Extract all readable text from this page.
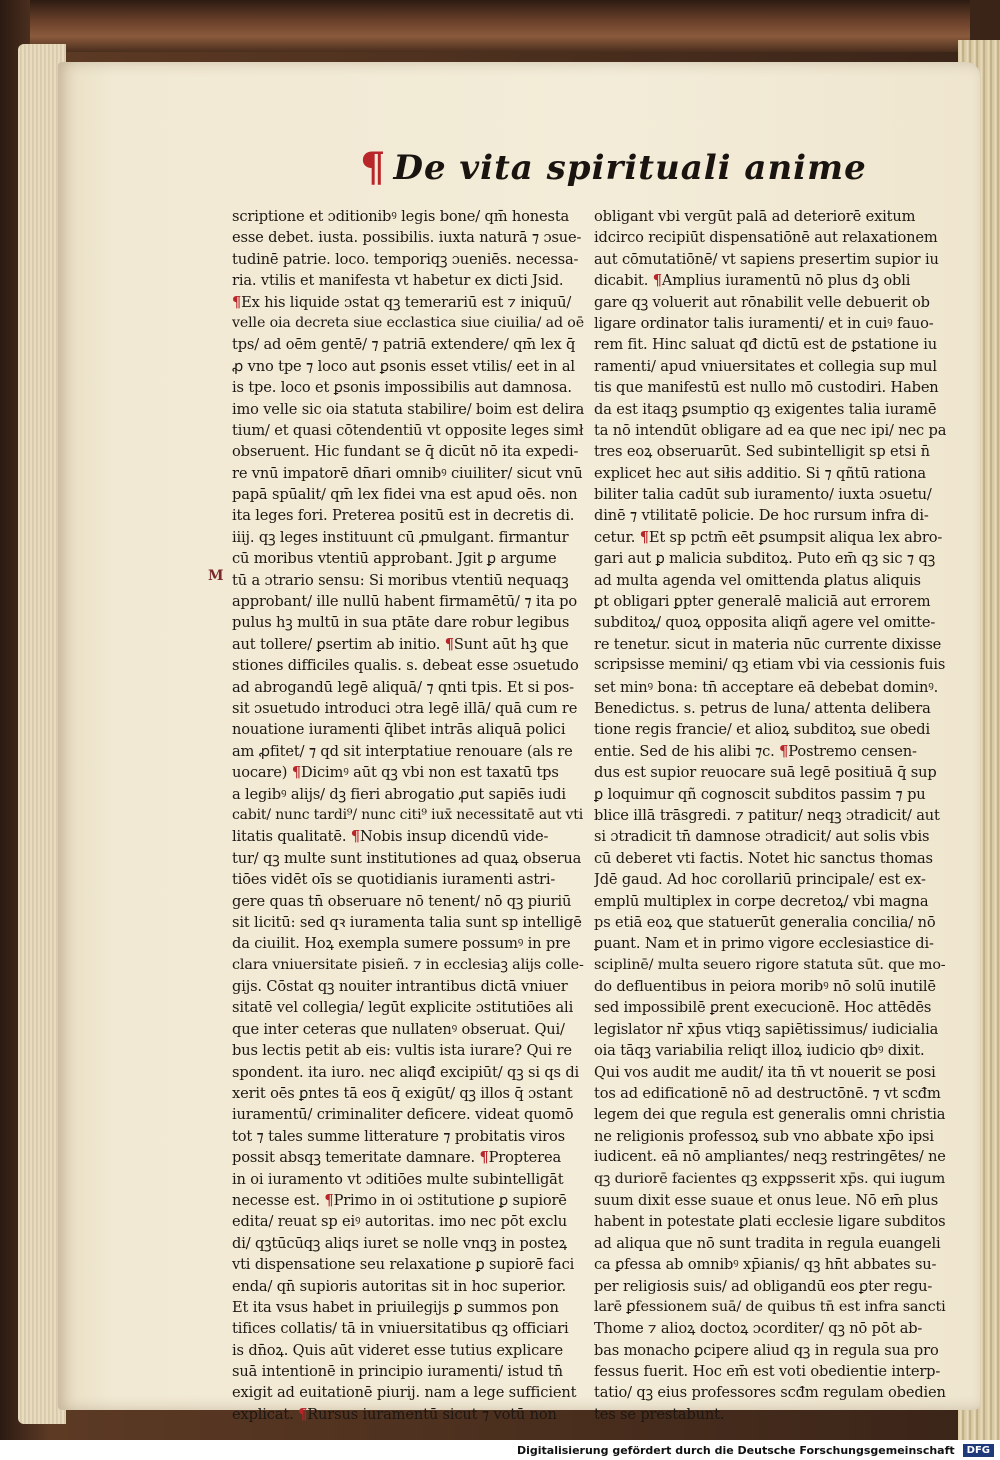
¶ De vita spirituali anime
M
scriptione et ɔditionibꝰ legis bone/ qm̄ honesta
esse debet. iusta. possibilis. iuxta naturā ⁊ ɔsue-
tudinē patrie. loco. temporiqꝫ ɔueniēs. necessa-
ria. vtilis et manifesta vt habetur ex dicti Jsid.
¶Ex his liquide ɔstat qꝫ temerariū est ⁊ iniquū/
velle oia decreta siue ecclastica siue ciuilia/ ad oē
tps/ ad oēm gentē/ ⁊ patriā extendere/ qm̄ lex q̄
ꝓ vno tpe ⁊ loco aut ꝑsonis esset vtilis/ eet in al
is tpe. loco et ꝑsonis impossibilis aut damnosa.
imo velle sic oia statuta stabilire/ boim est delira
tium/ et quasi cōtendentiū vt opposite leges simł
obseruent. Hic fundant se q̄ dicūt nō ita expedi-
re vnū impatorē dn̄ari omnibꝰ ciuiliter/ sicut vnū
papā spūalit/ qm̄ lex fidei vna est apud oēs. non
ita leges fori. Preterea positū est in decretis di.
iiij. qꝫ leges instituunt cū ꝓmulgant. firmantur
cū moribus vtentiū approbant. Jgit ꝑ argume
tū a ɔtrario sensu: Si moribus vtentiū nequaqꝫ
approbant/ ille nullū habent firmamētū/ ⁊ ita po
pulus hꝫ multū in sua ptāte dare robur legibus
aut tollere/ ꝑsertim ab initio. ¶Sunt aūt hꝫ que
stiones difficiles qualis. s. debeat esse ɔsuetudo
ad abrogandū legē aliquā/ ⁊ qnti tpis. Et si pos-
sit ɔsuetudo introduci ɔtra legē illā/ quā cum re
nouatione iuramenti q̄libet intrās aliquā polici
am ꝓfitet/ ⁊ qd sit interptatiue renouare (als re
uocare) ¶Dicimꝰ aūt qꝫ vbi non est taxatū tps
a legibꝰ alijs/ dꝫ fieri abrogatio ꝓut sapiēs iudi
cabit/ nunc tardi⁹/ nunc citi⁹ iux̄ necessitatē aut vti
litatis qualitatē. ¶Nobis insup dicendū vide-
tur/ qꝫ multe sunt institutiones ad quaꝝ obserua
tiōes vidēt oīs se quotidianis iuramenti astri-
gere quas tn̄ obseruare nō tenent/ nō qꝫ piuriū
sit licitū: sed qꝛ iuramenta talia sunt sp intelligē
da ciuilit. Hoꝝ exempla sumere possumꝰ in pre
clara vniuersitate pisieñ. ⁊ in ecclesiaꝫ alijs colle-
gijs. Cōstat qꝫ nouiter intrantibus dictā vniuer
sitatē vel collegia/ legūt explicite ɔstitutiōes ali
que inter ceteras que nullatenꝰ obseruat. Qui/
bus lectis petit ab eis: vultis ista iurare? Qui re
spondent. ita iuro. nec aliqđ excipiūt/ qꝫ si qs di
xerit oēs ꝑntes tā eos q̄ exigūt/ qꝫ illos q̄ ɔstant
iuramentū/ criminaliter deficere. videat quomō
tot ⁊ tales summe litterature ⁊ probitatis viros
possit absqꝫ temeritate damnare. ¶Propterea
in oi iuramento vt ɔditiōes multe subintelligāt
necesse est. ¶Primo in oi ɔstitutione ꝑ supiorē
edita/ reuat sp eiꝰ autoritas. imo nec pōt exclu
di/ qꝫtūcūqꝫ aliqs iuret se nolle vnqꝫ in posteꝝ
vti dispensatione seu relaxatione ꝑ supiorē faci
enda/ qn̄ supioris autoritas sit in hoc superior.
Et ita vsus habet in priuilegijs ꝑ summos pon
tifices collatis/ tā in vniuersitatibus qꝫ officiari
is dn̄oꝝ. Quis aūt videret esse tutius explicare
suā intentionē in principio iuramenti/ istud tn̄
exigit ad euitationē piurij. nam a lege sufficient
explicat. ¶Rursus iuramentū sicut ⁊ votū non
obligant vbi vergūt palā ad deteriorē exitum
idcirco recipiūt dispensatiōnē aut relaxationem
aut cōmutatiōnē/ vt sapiens presertim supior iu
dicabit. ¶Amplius iuramentū nō plus dꝫ obli
gare qꝫ voluerit aut rōnabilit velle debuerit ob
ligare ordinator talis iuramenti/ et in cuiꝰ fauo-
rem fit. Hinc saluat qđ dictū est de ꝑstatione iu
ramenti/ apud vniuersitates et collegia sup mul
tis que manifestū est nullo mō custodiri. Haben
da est itaqꝫ ꝑsumptio qꝫ exigentes talia iuramē
ta nō intendūt obligare ad ea que nec ipi/ nec pa
tres eoꝝ obseruarūt. Sed subintelligit sp etsi n̄
explicet hec aut siłis additio. Si ⁊ qñtū rationa
biliter talia cadūt sub iuramento/ iuxta ɔsuetu/
dinē ⁊ vtilitatē policie. De hoc rursum infra di-
cetur. ¶Et sp pctm̄ eēt ꝑsumpsit aliqua lex abro-
gari aut ꝑ malicia subditoꝝ. Puto em̄ qꝫ sic ⁊ qꝫ
ad multa agenda vel omittenda ꝑlatus aliquis
ꝑt obligari ꝑpter generalē maliciā aut errorem
subditoꝝ/ quoꝝ opposita aliqñ agere vel omitte-
re tenetur. sicut in materia nūc currente dixisse
scripsisse memini/ qꝫ etiam vbi via cessionis fuis
set minꝰ bona: tn̄ acceptare eā debebat dominꝰ.
Benedictus. s. petrus de luna/ attenta delibera
tione regis francie/ et alioꝝ subditoꝝ sue obedi
entie. Sed de his alibi ⁊c. ¶Postremo censen-
dus est supior reuocare suā legē positiuā q̄ sup
ꝑ loquimur qñ cognoscit subditos passim ⁊ pu
blice illā trāsgredi. ⁊ patitur/ neqꝫ ɔtradicit/ aut
si ɔtradicit tn̄ damnose ɔtradicit/ aut solis vbis
cū deberet vti factis. Notet hic sanctus thomas
Jdē gaud. Ad hoc corollariū principale/ est ex-
emplū multiplex in corpe decretoꝝ/ vbi magna
ps etiā eoꝝ que statuerūt generalia concilia/ nō
ꝑuant. Nam et in primo vigore ecclesiastice di-
sciplinē/ multa seuero rigore statuta sūt. que mo-
do defluentibus in peiora moribꝰ nō solū inutilē
sed impossibilē ꝑrent execucionē. Hoc attēdēs
legislator nr̄ xp̄us vtiqꝫ sapiētissimus/ iudicialia
oia tāqꝫ variabilia reliqt illoꝝ iudicio qbꝰ dixit.
Qui vos audit me audit/ ita tn̄ vt nouerit se posi
tos ad edificationē nō ad destructōnē. ⁊ vt scđm
legem dei que regula est generalis omni christia
ne religionis professoꝝ sub vno abbate xp̄o ipsi
iudicent. eā nō ampliantes/ neqꝫ restringētes/ ne
qꝫ duriorē facientes qꝫ expꝑsserit xp̄s. qui iugum
suum dixit esse suaue et onus leue. Nō em̄ plus
habent in potestate ꝑlati ecclesie ligare subditos
ad aliqua que nō sunt tradita in regula euangeli
ca ꝑfessa ab omnibꝰ xp̄ianis/ qꝫ hn̄t abbates su-
per religiosis suis/ ad obligandū eos ꝑter regu-
larē ꝑfessionem suā/ de quibus tn̄ est infra sancti
Thome ⁊ alioꝝ doctoꝝ ɔcorditer/ qꝫ nō pōt ab-
bas monacho ꝑcipere aliud qꝫ in regula sua pro
fessus fuerit. Hoc em̄ est voti obedientie interp-
tatio/ qꝫ eius professores scđm regulam obedien
tes se prestabunt.
Digitalisierung gefördert durch die Deutsche Forschungsgemeinschaft	DFG
